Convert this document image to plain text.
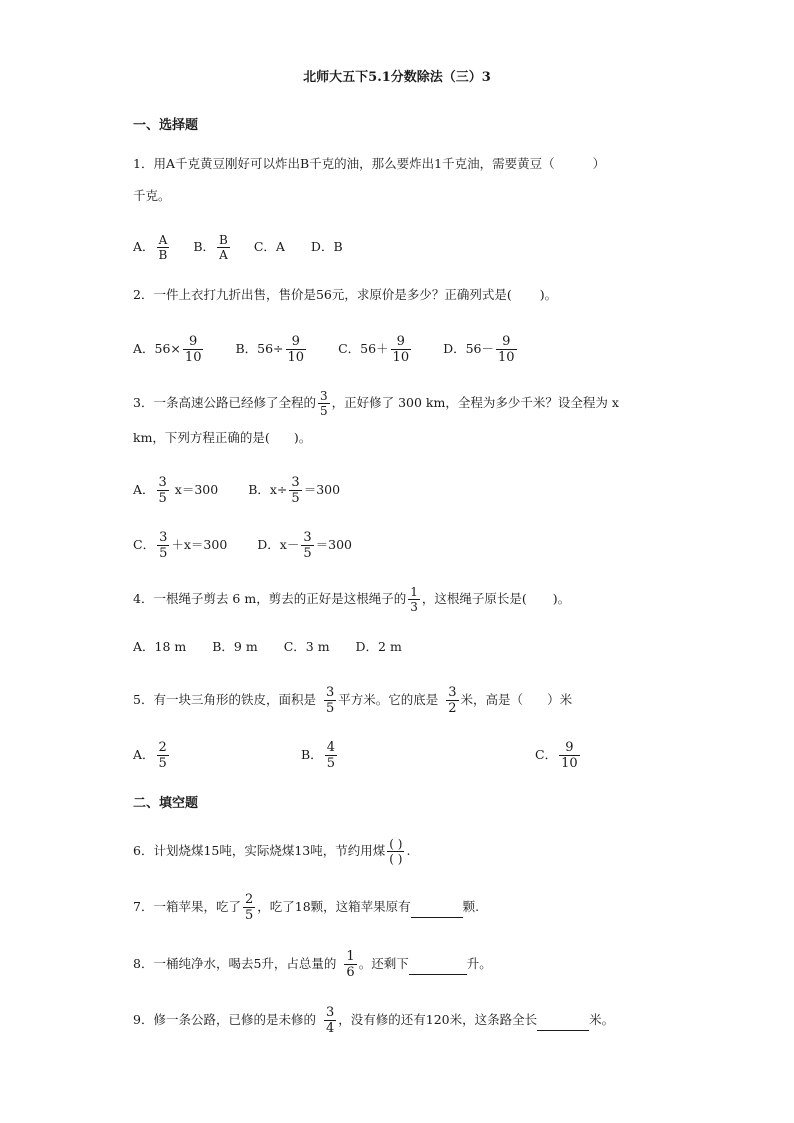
北师大五下5.1分数除法（三）3
一、选择题
1．用A千克黄豆刚好可以炸出B千克的油，那么要炸出1千克油，需要黄豆（	）
千克。
A． $\frac{A}{B}$ B． $\frac{B}{A}$ C．A D．B
2．一件上衣打九折出售，售价是56元，求原价是多少？正确列式是( )。
A．$56\times \frac{9}{10}$	B．$56\div \frac{9}{10}$	C．$56+ \frac{9}{10}$	D．$56- \frac{9}{10}$
3．一条高速公路已经修了全程的 $\frac{3}{5}$ ，正好修了 300 km，全程为多少千米？设全程为 x
km，下列方程正确的是( )。
A． $\frac{3}{5} x=300$ B．$x\div \frac{3}{5} =300$
C． $\frac{3}{5} +x=300$ D．$x- \frac{3}{5} =300$
4．一根绳子剪去 6 m，剪去的正好是这根绳子的 $\frac{1}{3}$ ，这根绳子原长是( )。
A．18 m B．9 m C．3 m D．2 m
5．有一块三角形的铁皮，面积是 $\frac{3}{5}$ 平方米。它的底是 $\frac{3}{2}$ 米，高是（ ）米
A． $\frac{2}{5}$	B． $\frac{4}{5}$	C． $\frac{9}{10}$
二、填空题
6．计划烧煤15吨，实际烧煤13吨，节约用煤 $\frac{( )}{( )}$ .
7．一箱苹果，吃了 $\frac{2}{5}$ ，吃了18颗，这箱苹果原有	颗.
8．一桶纯净水，喝去5升，占总量的 $\frac{1}{6}$ 。还剩下	升。
9．修一条公路，已修的是未修的 $\frac{3}{4}$ ，没有修的还有120米，这条路全长	米。
